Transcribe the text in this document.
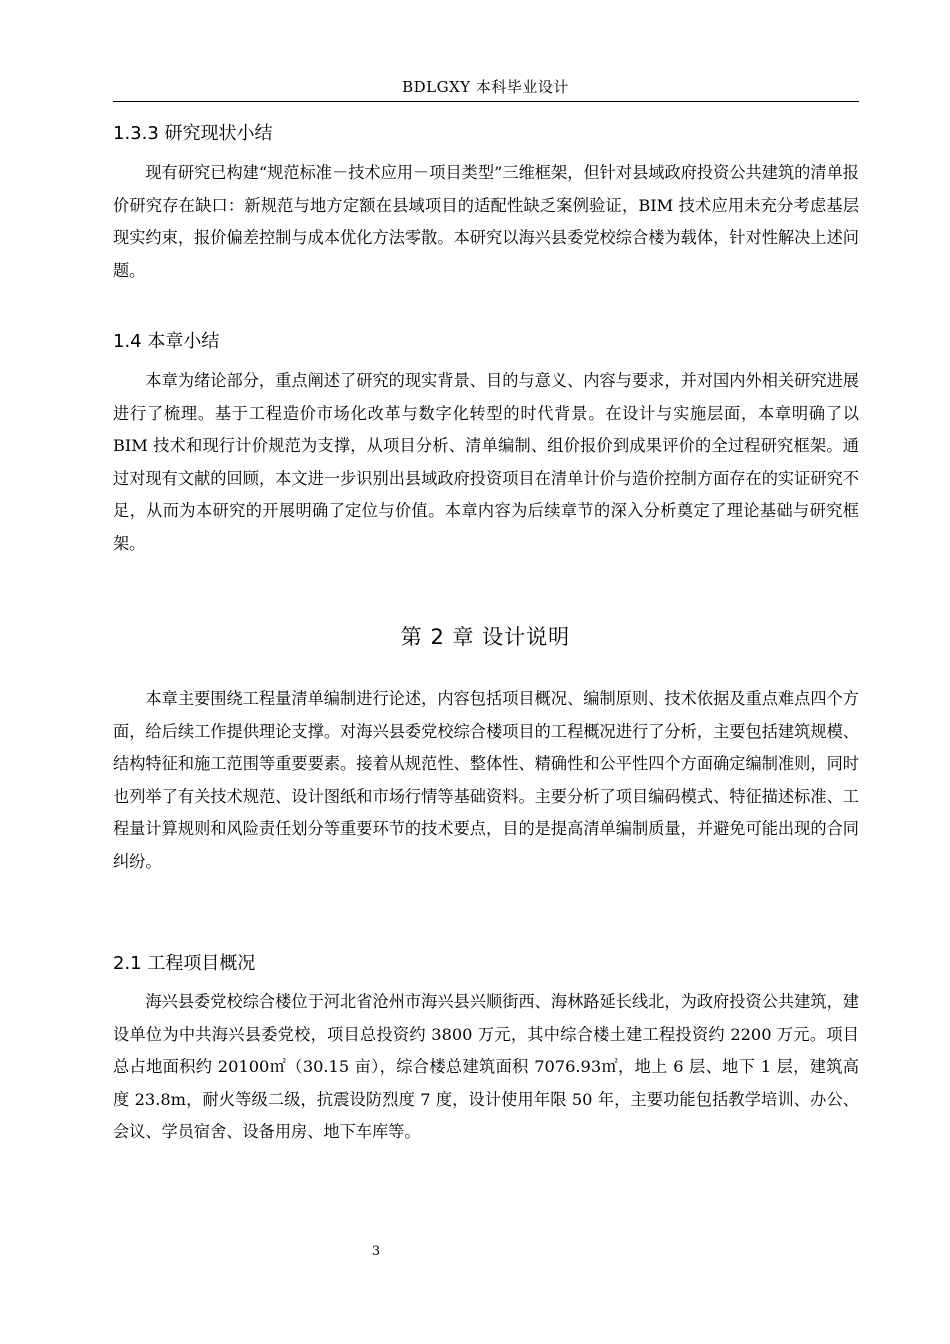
BDLGXY 本科毕业设计
1.3.3 研究现状小结

现有研究已构建“规范标准－技术应用－项目类型”三维框架，但针对县域政府投资公共建筑的清单报价研究存在缺口：新规范与地方定额在县域项目的适配性缺乏案例验证，BIM 技术应用未充分考虑基层现实约束，报价偏差控制与成本优化方法零散。本研究以海兴县委党校综合楼为载体，针对性解决上述问题。

1.4 本章小结

本章为绪论部分，重点阐述了研究的现实背景、目的与意义、内容与要求，并对国内外相关研究进展进行了梳理。基于工程造价市场化改革与数字化转型的时代背景。在设计与实施层面，本章明确了以 BIM 技术和现行计价规范为支撑，从项目分析、清单编制、组价报价到成果评价的全过程研究框架。通过对现有文献的回顾，本文进一步识别出县域政府投资项目在清单计价与造价控制方面存在的实证研究不足，从而为本研究的开展明确了定位与价值。本章内容为后续章节的深入分析奠定了理论基础与研究框架。

第 2 章 设计说明

本章主要围绕工程量清单编制进行论述，内容包括项目概况、编制原则、技术依据及重点难点四个方面，给后续工作提供理论支撑。对海兴县委党校综合楼项目的工程概况进行了分析，主要包括建筑规模、结构特征和施工范围等重要要素。接着从规范性、整体性、精确性和公平性四个方面确定编制准则，同时也列举了有关技术规范、设计图纸和市场行情等基础资料。主要分析了项目编码模式、特征描述标准、工程量计算规则和风险责任划分等重要环节的技术要点，目的是提高清单编制质量，并避免可能出现的合同纠纷。

2.1 工程项目概况

海兴县委党校综合楼位于河北省沧州市海兴县兴顺街西、海林路延长线北，为政府投资公共建筑，建设单位为中共海兴县委党校，项目总投资约 3800 万元，其中综合楼土建工程投资约 2200 万元。项目总占地面积约 20100㎡（30.15 亩），综合楼总建筑面积 7076.93㎡，地上 6 层、地下 1 层，建筑高度 23.8m，耐火等级二级，抗震设防烈度 7 度，设计使用年限 50 年，主要功能包括教学培训、办公、会议、学员宿舍、设备用房、地下车库等。

3
